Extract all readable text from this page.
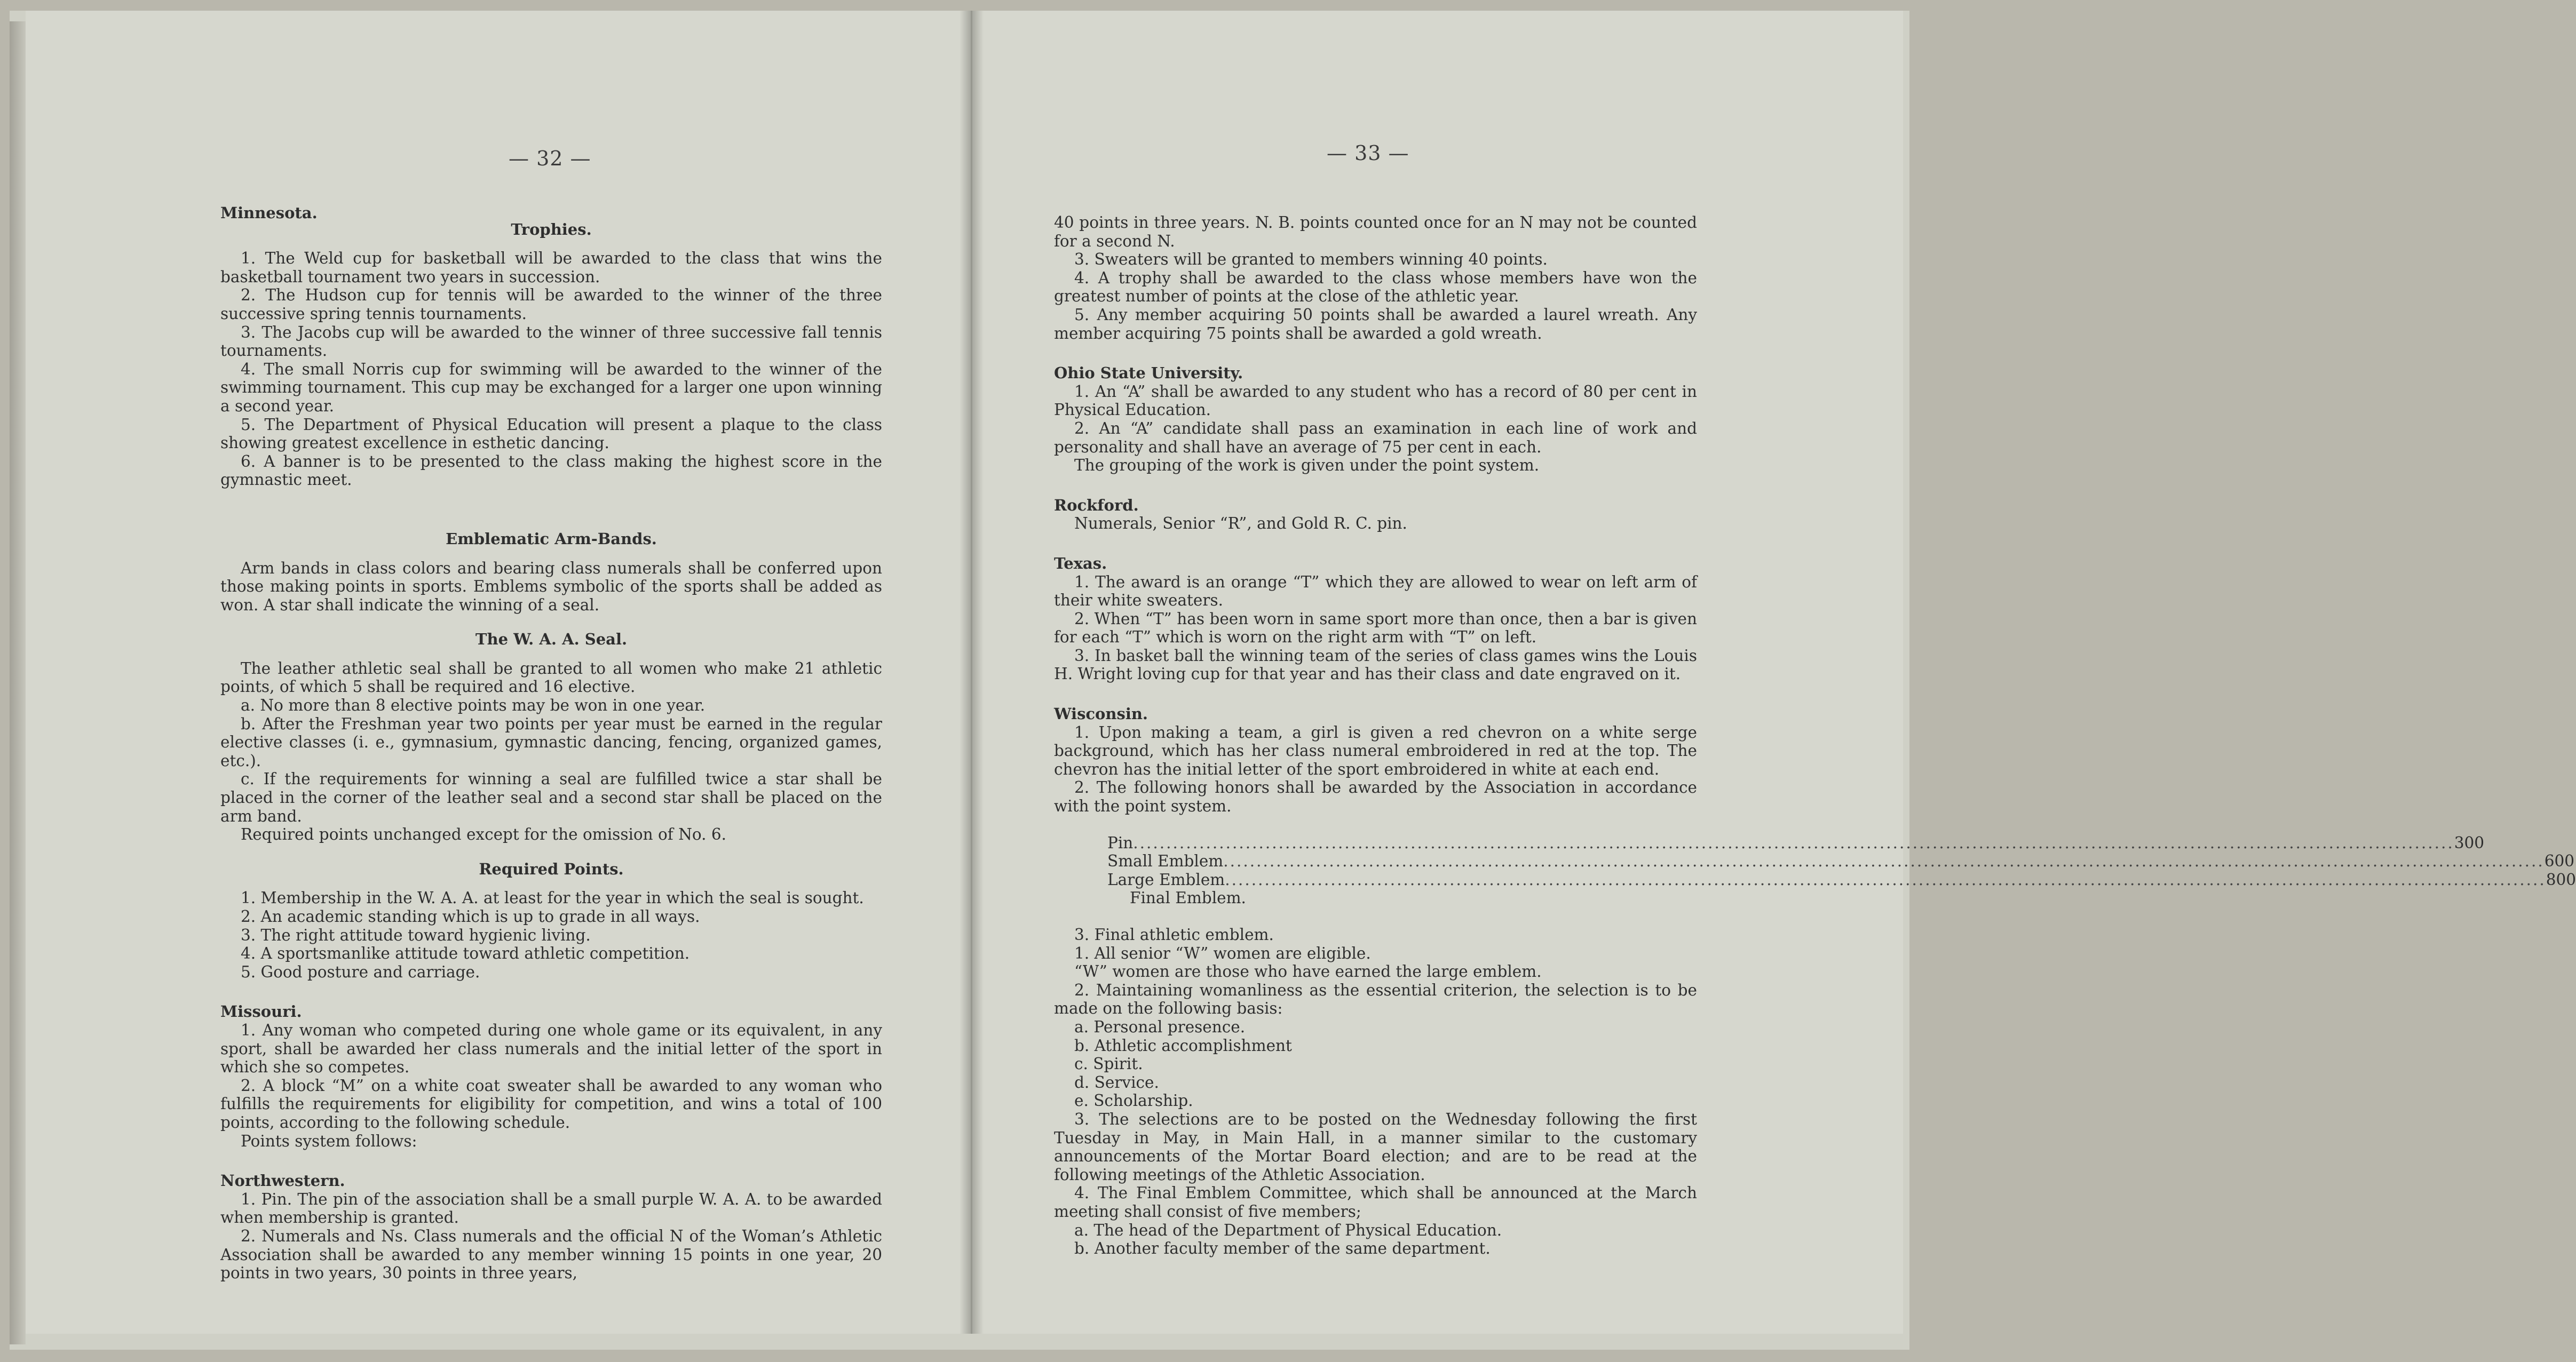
— 32 —	— 33 —

Minnesota.

Trophies.

1. The Weld cup for basketball will be awarded to the class that wins the basketball tournament two years in succession.

2. The Hudson cup for tennis will be awarded to the winner of the three successive spring tennis tournaments.

3. The Jacobs cup will be awarded to the winner of three successive fall tennis tournaments.

4. The small Norris cup for swimming will be awarded to the winner of the swimming tournament. This cup may be exchanged for a larger one upon winning a second year.

5. The Department of Physical Education will present a plaque to the class showing greatest excellence in esthetic dancing.

6. A banner is to be presented to the class making the highest score in the gymnastic meet.

Emblematic Arm-Bands.

Arm bands in class colors and bearing class numerals shall be conferred upon those making points in sports. Emblems symbolic of the sports shall be added as won. A star shall indicate the winning of a seal.

The W. A. A. Seal.

The leather athletic seal shall be granted to all women who make 21 athletic points, of which 5 shall be required and 16 elective.

a. No more than 8 elective points may be won in one year.

b. After the Freshman year two points per year must be earned in the regular elective classes (i. e., gymnasium, gymnastic dancing, fencing, organized games, etc.).

c. If the requirements for winning a seal are fulfilled twice a star shall be placed in the corner of the leather seal and a second star shall be placed on the arm band.

Required points unchanged except for the omission of No. 6.

Required Points.

1. Membership in the W. A. A. at least for the year in which the seal is sought.

2. An academic standing which is up to grade in all ways.

3. The right attitude toward hygienic living.

4. A sportsmanlike attitude toward athletic competition.

5. Good posture and carriage.

Missouri.

1. Any woman who competed during one whole game or its equivalent, in any sport, shall be awarded her class numerals and the initial letter of the sport in which she so competes.

2. A block “M” on a white coat sweater shall be awarded to any woman who fulfills the requirements for eligibility for competition, and wins a total of 100 points, according to the following schedule.

Points system follows:

Northwestern.

1. Pin. The pin of the association shall be a small purple W. A. A. to be awarded when membership is granted.

2. Numerals and Ns. Class numerals and the official N of the Woman’s Athletic Association shall be awarded to any member winning 15 points in one year, 20 points in two years, 30 points in three years,

40 points in three years. N. B. points counted once for an N may not be counted for a second N.

3. Sweaters will be granted to members winning 40 points.

4. A trophy shall be awarded to the class whose members have won the greatest number of points at the close of the athletic year.

5. Any member acquiring 50 points shall be awarded a laurel wreath. Any member acquiring 75 points shall be awarded a gold wreath.

Ohio State University.

1. An “A” shall be awarded to any student who has a record of 80 per cent in Physical Education.

2. An “A” candidate shall pass an examination in each line of work and personality and shall have an average of 75 per cent in each.

The grouping of the work is given under the point system.

Rockford.

Numerals, Senior “R”, and Gold R. C. pin.

Texas.

1. The award is an orange “T” which they are allowed to wear on left arm of their white sweaters.

2. When “T” has been worn in same sport more than once, then a bar is given for each “T” which is worn on the right arm with “T” on left.

3. In basket ball the winning team of the series of class games wins the Louis H. Wright loving cup for that year and has their class and date engraved on it.

Wisconsin.

1. Upon making a team, a girl is given a red chevron on a white serge background, which has her class numeral embroidered in red at the top. The chevron has the initial letter of the sport embroidered in white at each end.

2. The following honors shall be awarded by the Association in accordance with the point system.

Pin ........................................................................................................................................................................................................ 300
Small Emblem ........................................................................................................................................................................................................ 600
Large Emblem ........................................................................................................................................................................................................ 800

Final Emblem.

3. Final athletic emblem.

1. All senior “W” women are eligible.

“W” women are those who have earned the large emblem.

2. Maintaining womanliness as the essential criterion, the selection is to be made on the following basis:

a. Personal presence.

b. Athletic accomplishment

c. Spirit.

d. Service.

e. Scholarship.

3. The selections are to be posted on the Wednesday following the first Tuesday in May, in Main Hall, in a manner similar to the customary announcements of the Mortar Board election; and are to be read at the following meetings of the Athletic Association.

4. The Final Emblem Committee, which shall be announced at the March meeting shall consist of five members;

a. The head of the Department of Physical Education.

b. Another faculty member of the same department.
